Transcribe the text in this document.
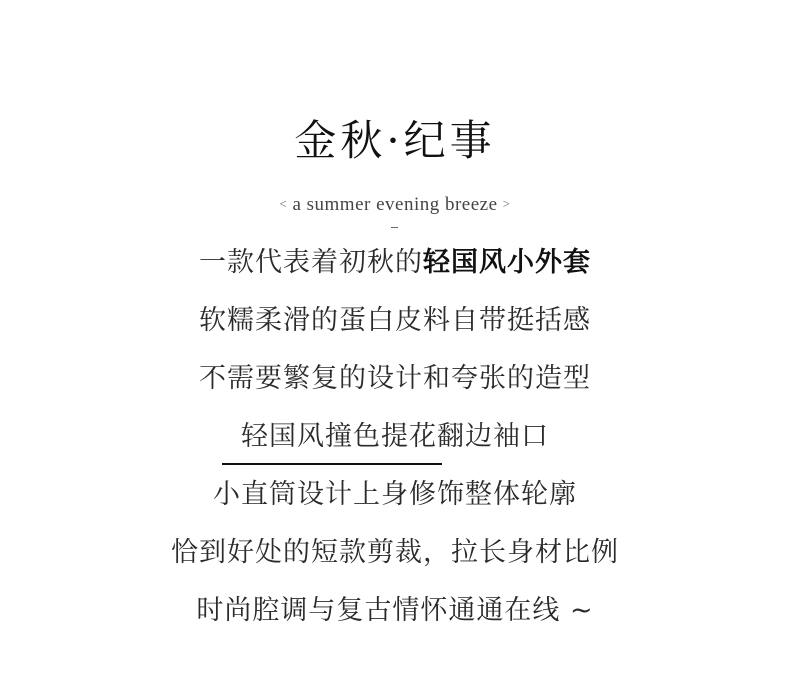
金秋·纪事
< a summer evening breeze >
一款代表着初秋的轻国风小外套
软糯柔滑的蛋白皮料自带挺括感
不需要繁复的设计和夸张的造型
轻国风撞色提花翻边袖口
小直筒设计上身修饰整体轮廓
恰到好处的短款剪裁，拉长身材比例
时尚腔调与复古情怀通通在线 ~
